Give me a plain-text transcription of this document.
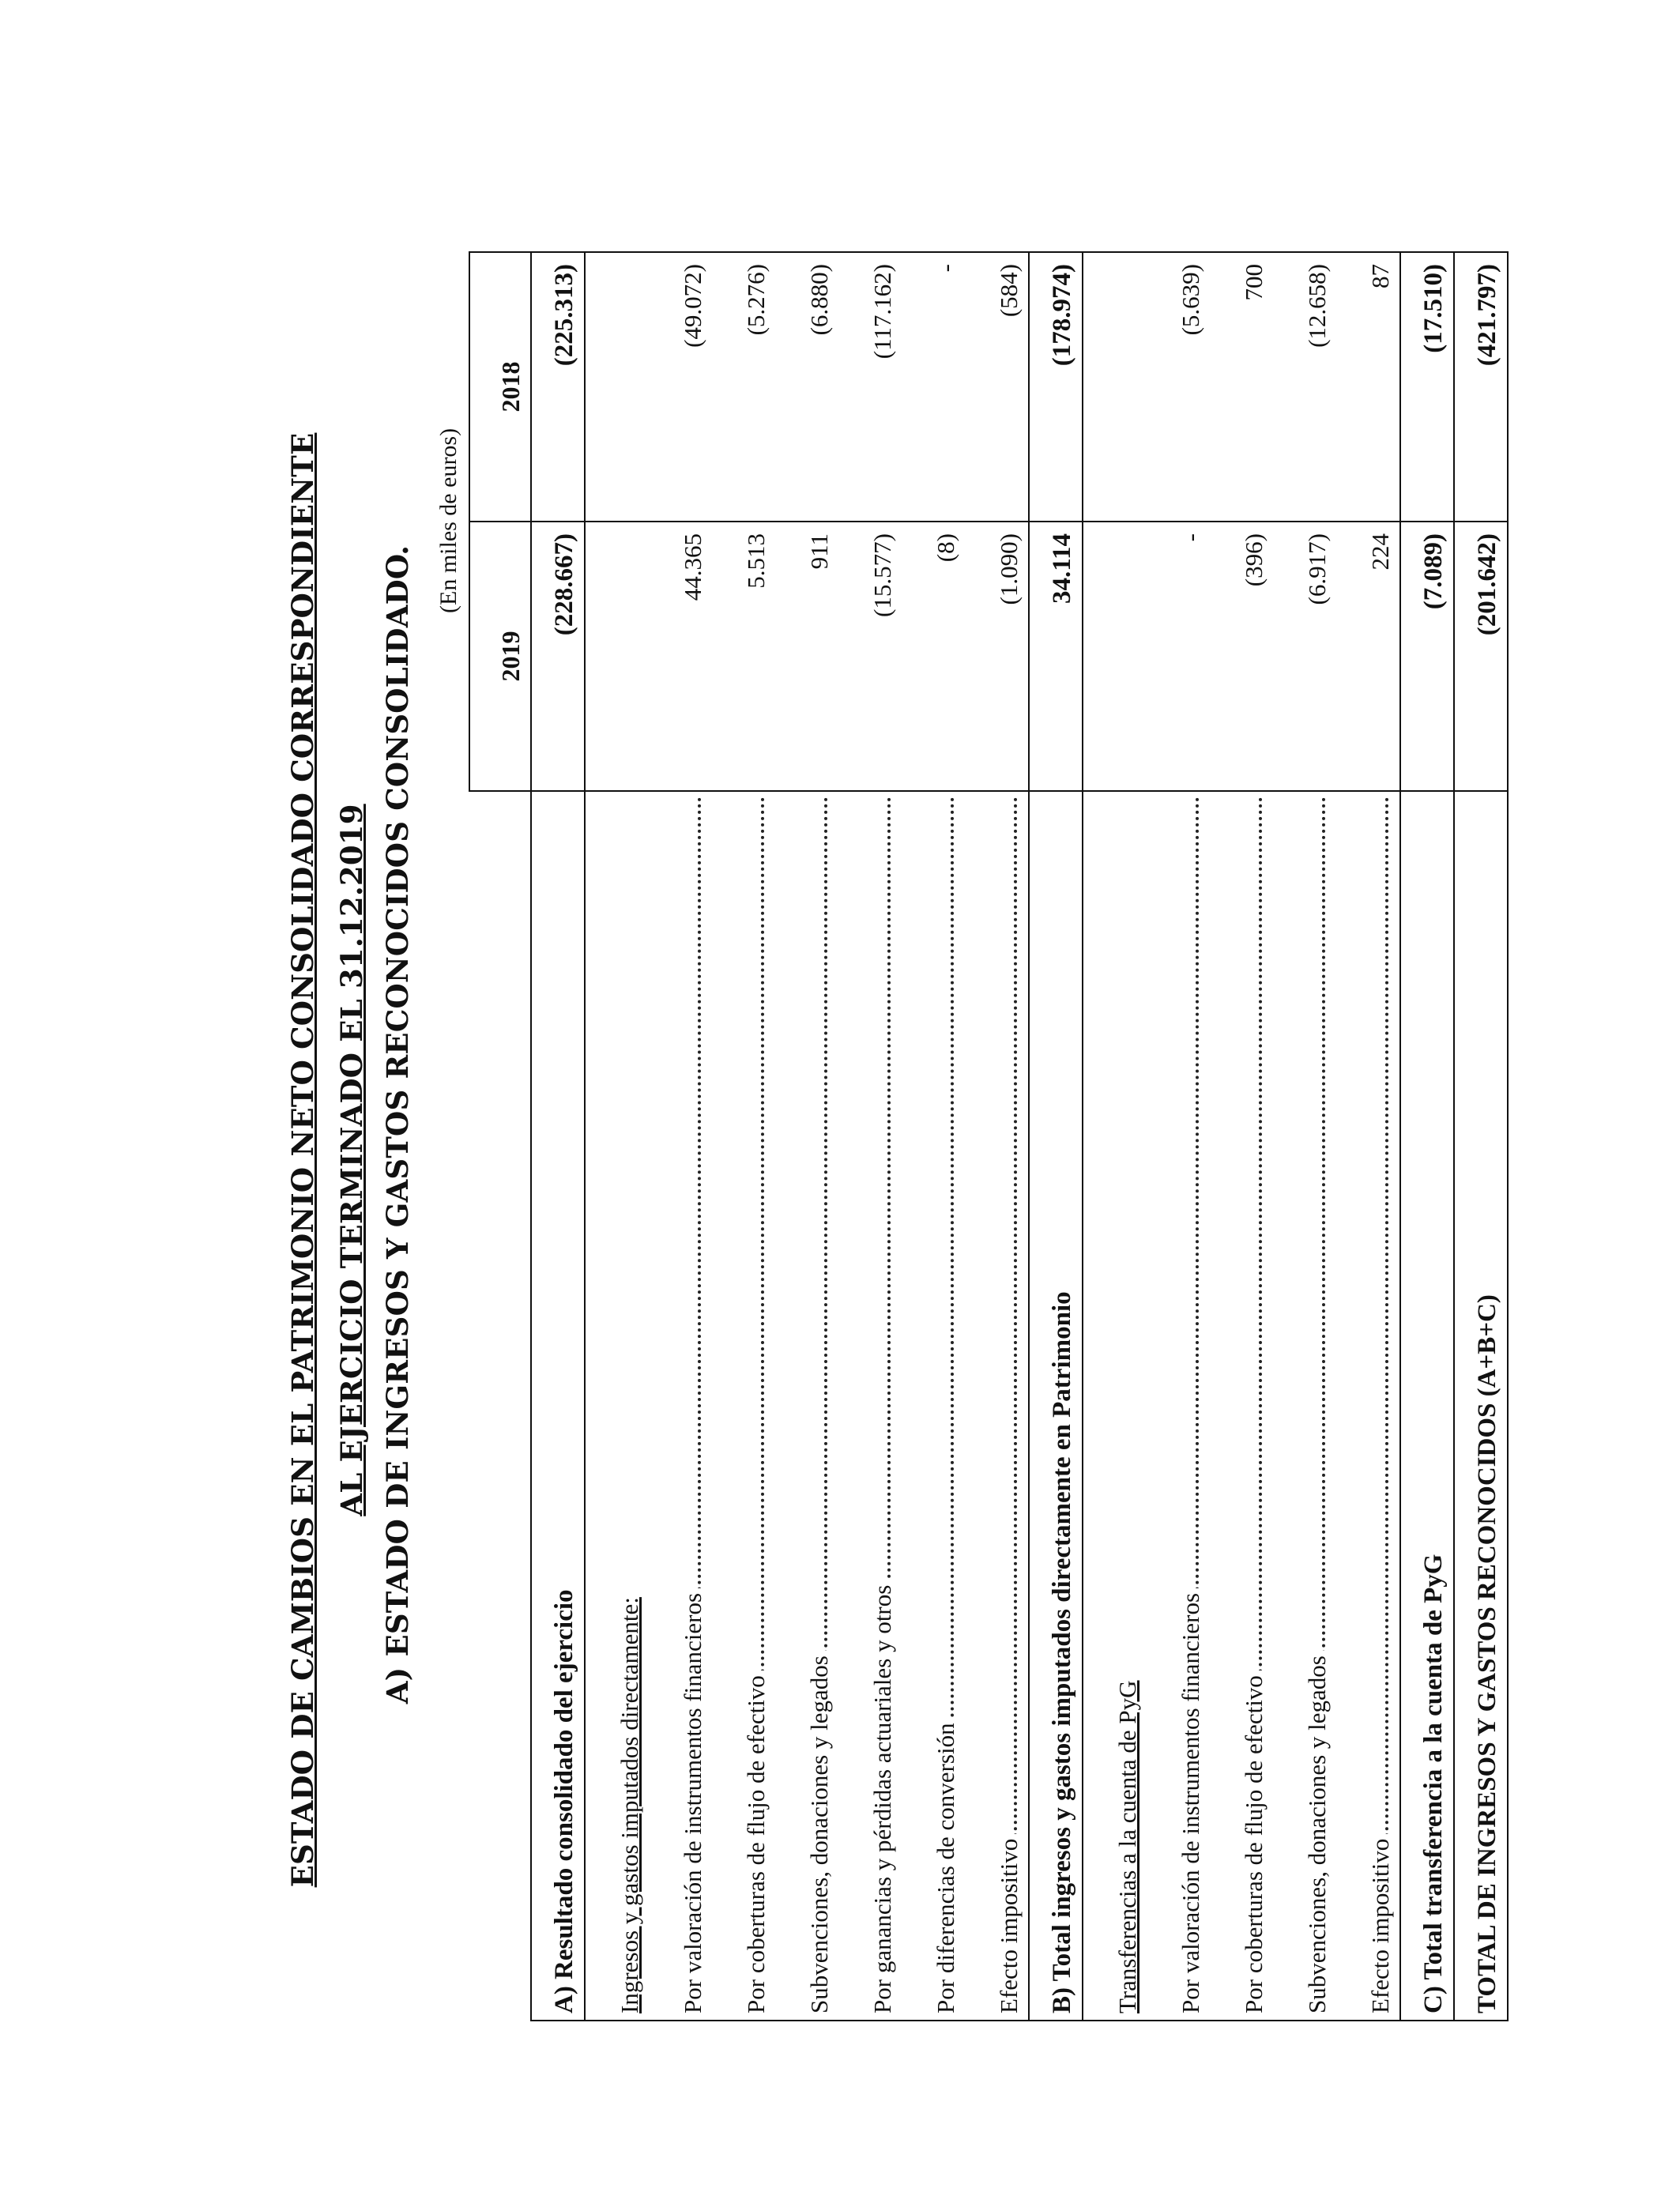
ESTADO DE CAMBIOS EN EL PATRIMONIO NETO CONSOLIDADO CORRESPONDIENTE AL EJERCICIO TERMINADO EL 31.12.2019 A) ESTADO DE INGRESOS Y GASTOS RECONOCIDOS CONSOLIDADO.
(En miles de euros)
	2019	2018
A) Resultado consolidado del ejercicio	(228.667)	(225.313)
Ingresos y gastos imputados directamente:		
Por valoración de instrumentos financieros	44.365	(49.072)
Por coberturas de flujo de efectivo	5.513	(5.276)
Subvenciones, donaciones y legados	911	(6.880)
Por ganancias y pérdidas actuariales y otros	(15.577)	(117.162)
Por diferencias de conversión	(8)	-
Efecto impositivo	(1.090)	(584)
B) Total ingresos y gastos imputados directamente en Patrimonio	34.114	(178.974)
Transferencias a la cuenta de PyG		
Por valoración de instrumentos financieros	-	(5.639)
Por coberturas de flujo de efectivo	(396)	700
Subvenciones, donaciones y legados	(6.917)	(12.658)
Efecto impositivo	224	87
C) Total transferencia a la cuenta de PyG	(7.089)	(17.510)
TOTAL DE INGRESOS Y GASTOS RECONOCIDOS (A+B+C)	(201.642)	(421.797)
